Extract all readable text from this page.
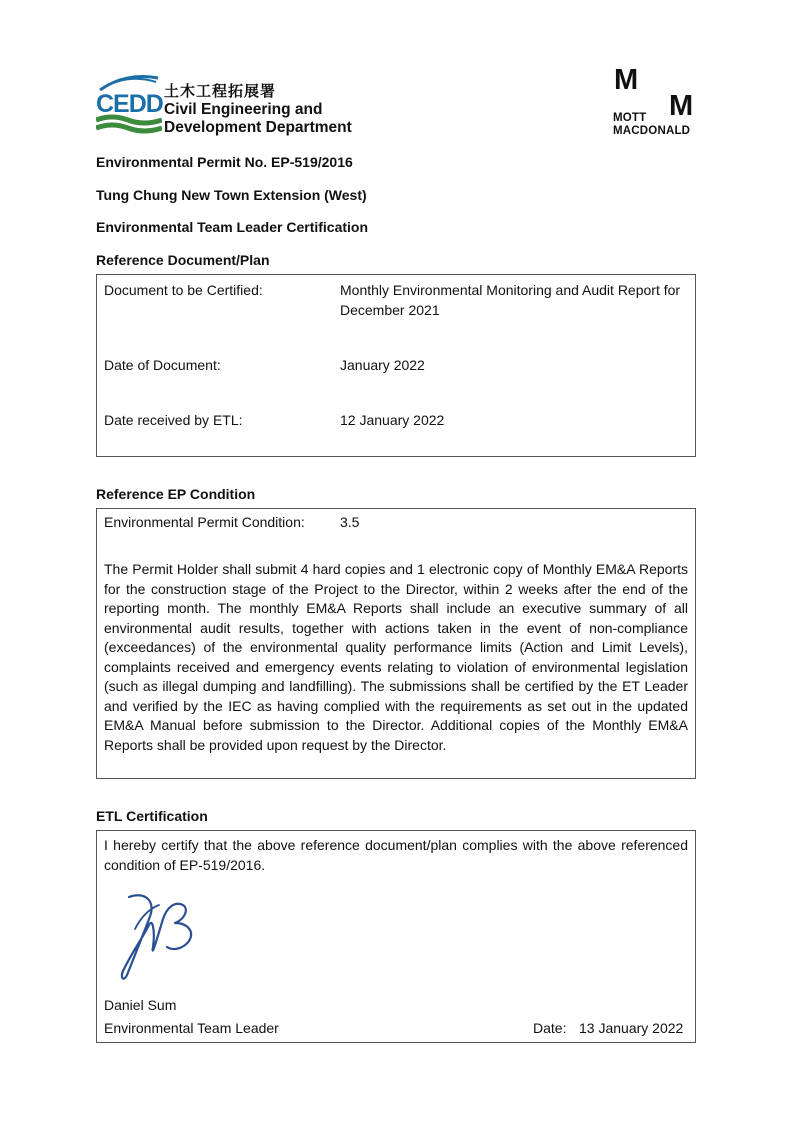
CEDD 土木工程拓展署
Civil Engineering and
Development Department
M
M
MOTT
MACDONALD
Environmental Permit No. EP-519/2016
Tung Chung New Town Extension (West)
Environmental Team Leader Certification
Reference Document/Plan
Document to be Certified:	Monthly Environmental Monitoring and Audit Report for December 2021
Date of Document:	January 2022
Date received by ETL:	12 January 2022
Reference EP Condition
Environmental Permit Condition:	3.5
The Permit Holder shall submit 4 hard copies and 1 electronic copy of Monthly EM&A Reports for the construction stage of the Project to the Director, within 2 weeks after the end of the reporting month. The monthly EM&A Reports shall include an executive summary of all environmental audit results, together with actions taken in the event of non-compliance (exceedances) of the environmental quality performance limits (Action and Limit Levels), complaints received and emergency events relating to violation of environmental legislation (such as illegal dumping and landfilling). The submissions shall be certified by the ET Leader and verified by the IEC as having complied with the requirements as set out in the updated EM&A Manual before submission to the Director. Additional copies of the Monthly EM&A Reports shall be provided upon request by the Director.
ETL Certification
I hereby certify that the above reference document/plan complies with the above referenced condition of EP-519/2016.
Daniel Sum
Environmental Team Leader	Date: 13 January 2022
